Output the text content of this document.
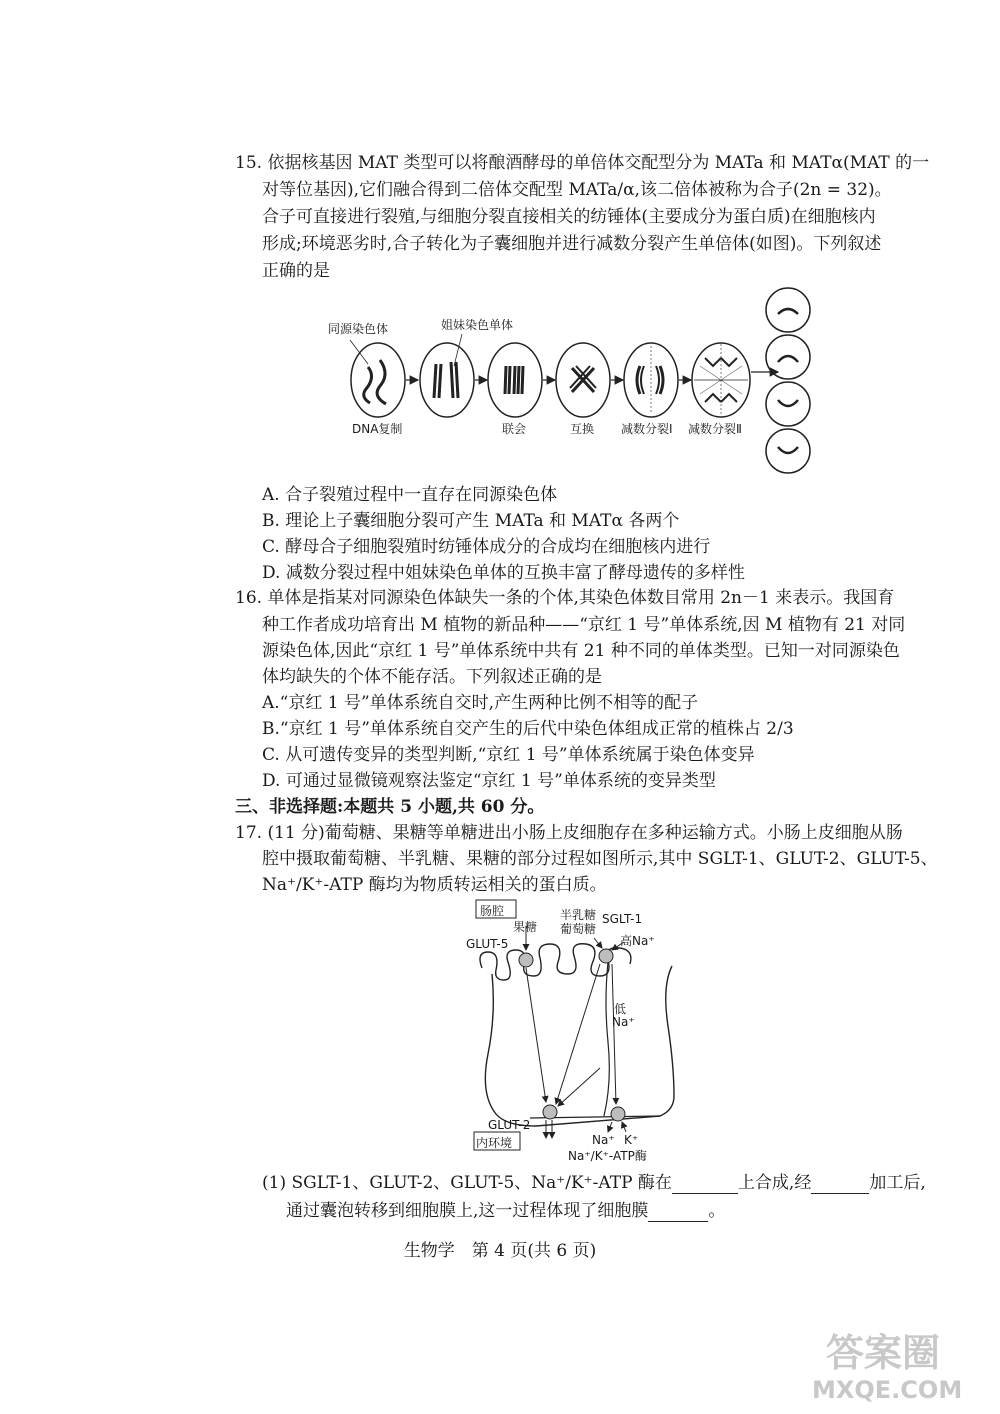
15. 依据核基因 MAT 类型可以将酿酒酵母的单倍体交配型分为 MATa 和 MATα(MAT 的一
对等位基因),它们融合得到二倍体交配型 MATa/α,该二倍体被称为合子(2n = 32)。
合子可直接进行裂殖,与细胞分裂直接相关的纺锤体(主要成分为蛋白质)在细胞核内
形成;环境恶劣时,合子转化为子囊细胞并进行减数分裂产生单倍体(如图)。下列叙述
正确的是
同源染色体	姐妹染色单体
DNA复制	联会	互换 减数分裂Ⅰ 减数分裂Ⅱ
A. 合子裂殖过程中一直存在同源染色体
B. 理论上子囊细胞分裂可产生 MATa 和 MATα 各两个
C. 酵母合子细胞裂殖时纺锤体成分的合成均在细胞核内进行
D. 减数分裂过程中姐妹染色单体的互换丰富了酵母遗传的多样性
16. 单体是指某对同源染色体缺失一条的个体,其染色体数目常用 2n－1 来表示。我国育
种工作者成功培育出 M 植物的新品种——“京红 1 号”单体系统,因 M 植物有 21 对同
源染色体,因此“京红 1 号”单体系统中共有 21 种不同的单体类型。已知一对同源染色
体均缺失的个体不能存活。下列叙述正确的是
A.“京红 1 号”单体系统自交时,产生两种比例不相等的配子
B.“京红 1 号”单体系统自交产生的后代中染色体组成正常的植株占 2/3
C. 从可遗传变异的类型判断,“京红 1 号”单体系统属于染色体变异
D. 可通过显微镜观察法鉴定“京红 1 号”单体系统的变异类型
三、非选择题:本题共 5 小题,共 60 分。
17. (11 分)葡萄糖、果糖等单糖进出小肠上皮细胞存在多种运输方式。小肠上皮细胞从肠
腔中摄取葡萄糖、半乳糖、果糖的部分过程如图所示,其中 SGLT-1、GLUT-2、GLUT-5、
Na⁺/K⁺-ATP 酶均为物质转运相关的蛋白质。
肠腔
果糖
半乳糖
葡萄糖
SGLT-1
高Na⁺
GLUT-5
低
Na⁺
GLUT-2
内环境	Na⁺ K⁺
Na⁺/K⁺-ATP酶
(1) SGLT-1、GLUT-2、GLUT-5、Na⁺/K⁺-ATP 酶在	上合成,经	加工后,
通过囊泡转移到细胞膜上,这一过程体现了细胞膜	。
生物学　第 4 页(共 6 页)
答案圈
MXQE.COM
